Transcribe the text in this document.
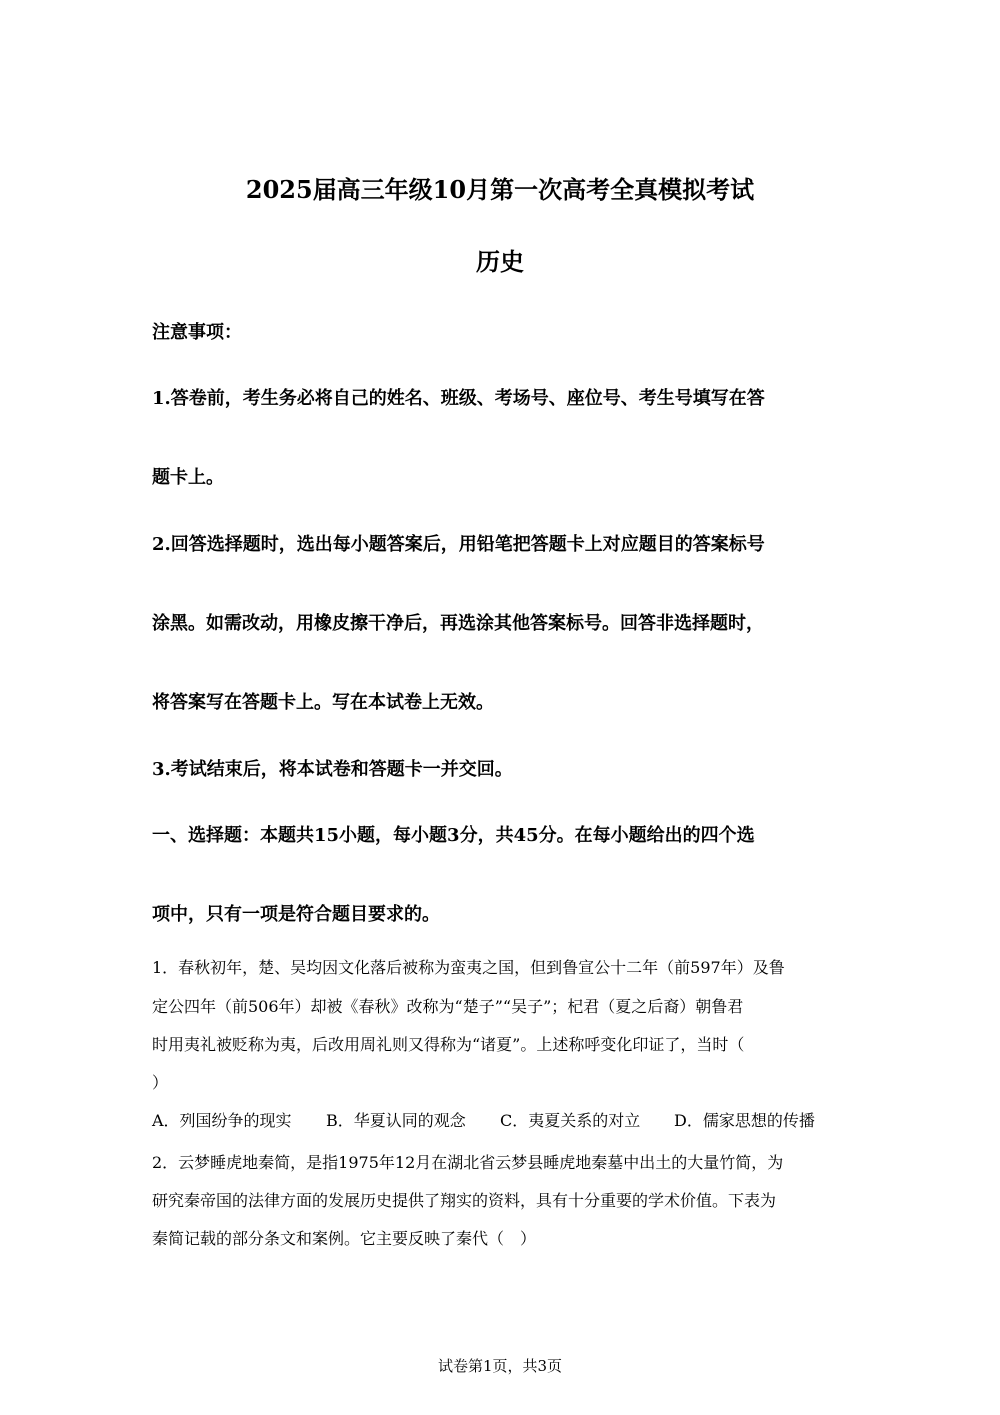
2025届高三年级10月第一次高考全真模拟考试
历史
注意事项：
1.答卷前，考生务必将自己的姓名、班级、考场号、座位号、考生号填写在答
题卡上。
2.回答选择题时，选出每小题答案后，用铅笔把答题卡上对应题目的答案标号
涂黑。如需改动，用橡皮擦干净后，再选涂其他答案标号。回答非选择题时，
将答案写在答题卡上。写在本试卷上无效。
3.考试结束后，将本试卷和答题卡一并交回。
一、选择题：本题共15小题，每小题3分，共45分。在每小题给出的四个选
项中，只有一项是符合题目要求的。
1．春秋初年，楚、吴均因文化落后被称为蛮夷之国，但到鲁宣公十二年（前597年）及鲁
定公四年（前506年）却被《春秋》改称为“楚子”“吴子”；杞君（夏之后裔）朝鲁君
时用夷礼被贬称为夷，后改用周礼则又得称为“诸夏”。上述称呼变化印证了，当时（
）
A．列国纷争的现实	B．华夏认同的观念	C．夷夏关系的对立	D．儒家思想的传播
2．云梦睡虎地秦简，是指1975年12月在湖北省云梦县睡虎地秦墓中出土的大量竹简，为
研究秦帝国的法律方面的发展历史提供了翔实的资料，具有十分重要的学术价值。下表为
秦简记载的部分条文和案例。它主要反映了秦代（　）
试卷第1页，共3页
